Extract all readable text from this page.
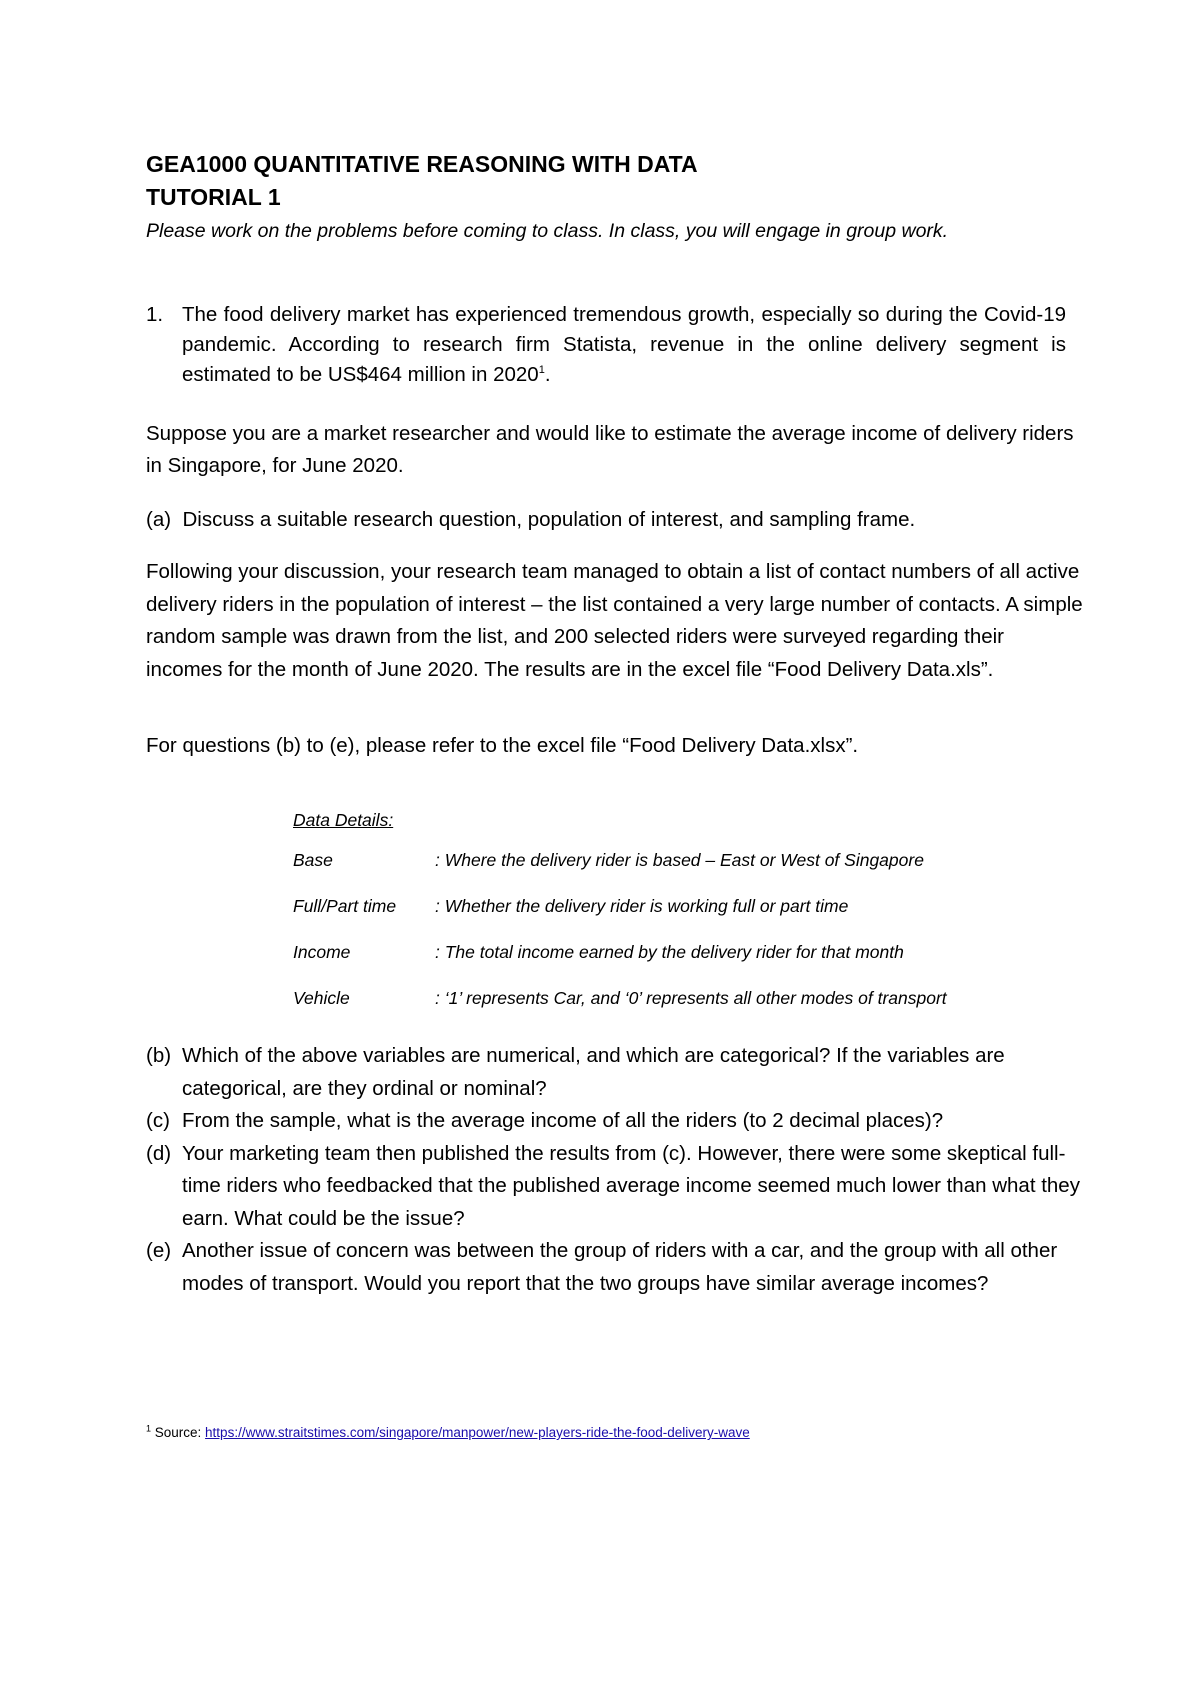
GEA1000 QUANTITATIVE REASONING WITH DATA
TUTORIAL 1
Please work on the problems before coming to class. In class, you will engage in group work.
1. The food delivery market has experienced tremendous growth, especially so during the Covid-19 pandemic. According to research firm Statista, revenue in the online delivery segment is estimated to be US$464 million in 2020$^1$.
Suppose you are a market researcher and would like to estimate the average income of delivery riders in Singapore, for June 2020.
(a) Discuss a suitable research question, population of interest, and sampling frame.
Following your discussion, your research team managed to obtain a list of contact numbers of all active delivery riders in the population of interest – the list contained a very large number of contacts. A simple random sample was drawn from the list, and 200 selected riders were surveyed regarding their incomes for the month of June 2020. The results are in the excel file “Food Delivery Data.xls”.
For questions (b) to (e), please refer to the excel file “Food Delivery Data.xlsx”.
Data Details:
Base	: Where the delivery rider is based – East or West of Singapore
Full/Part time	: Whether the delivery rider is working full or part time
Income	: The total income earned by the delivery rider for that month
Vehicle	: ‘1’ represents Car, and ‘0’ represents all other modes of transport
(b) Which of the above variables are numerical, and which are categorical? If the variables are categorical, are they ordinal or nominal?
(c) From the sample, what is the average income of all the riders (to 2 decimal places)?
(d) Your marketing team then published the results from (c). However, there were some skeptical full-time riders who feedbacked that the published average income seemed much lower than what they earn. What could be the issue?
(e) Another issue of concern was between the group of riders with a car, and the group with all other modes of transport. Would you report that the two groups have similar average incomes?
$^1$ Source: https://www.straitstimes.com/singapore/manpower/new-players-ride-the-food-delivery-wave
